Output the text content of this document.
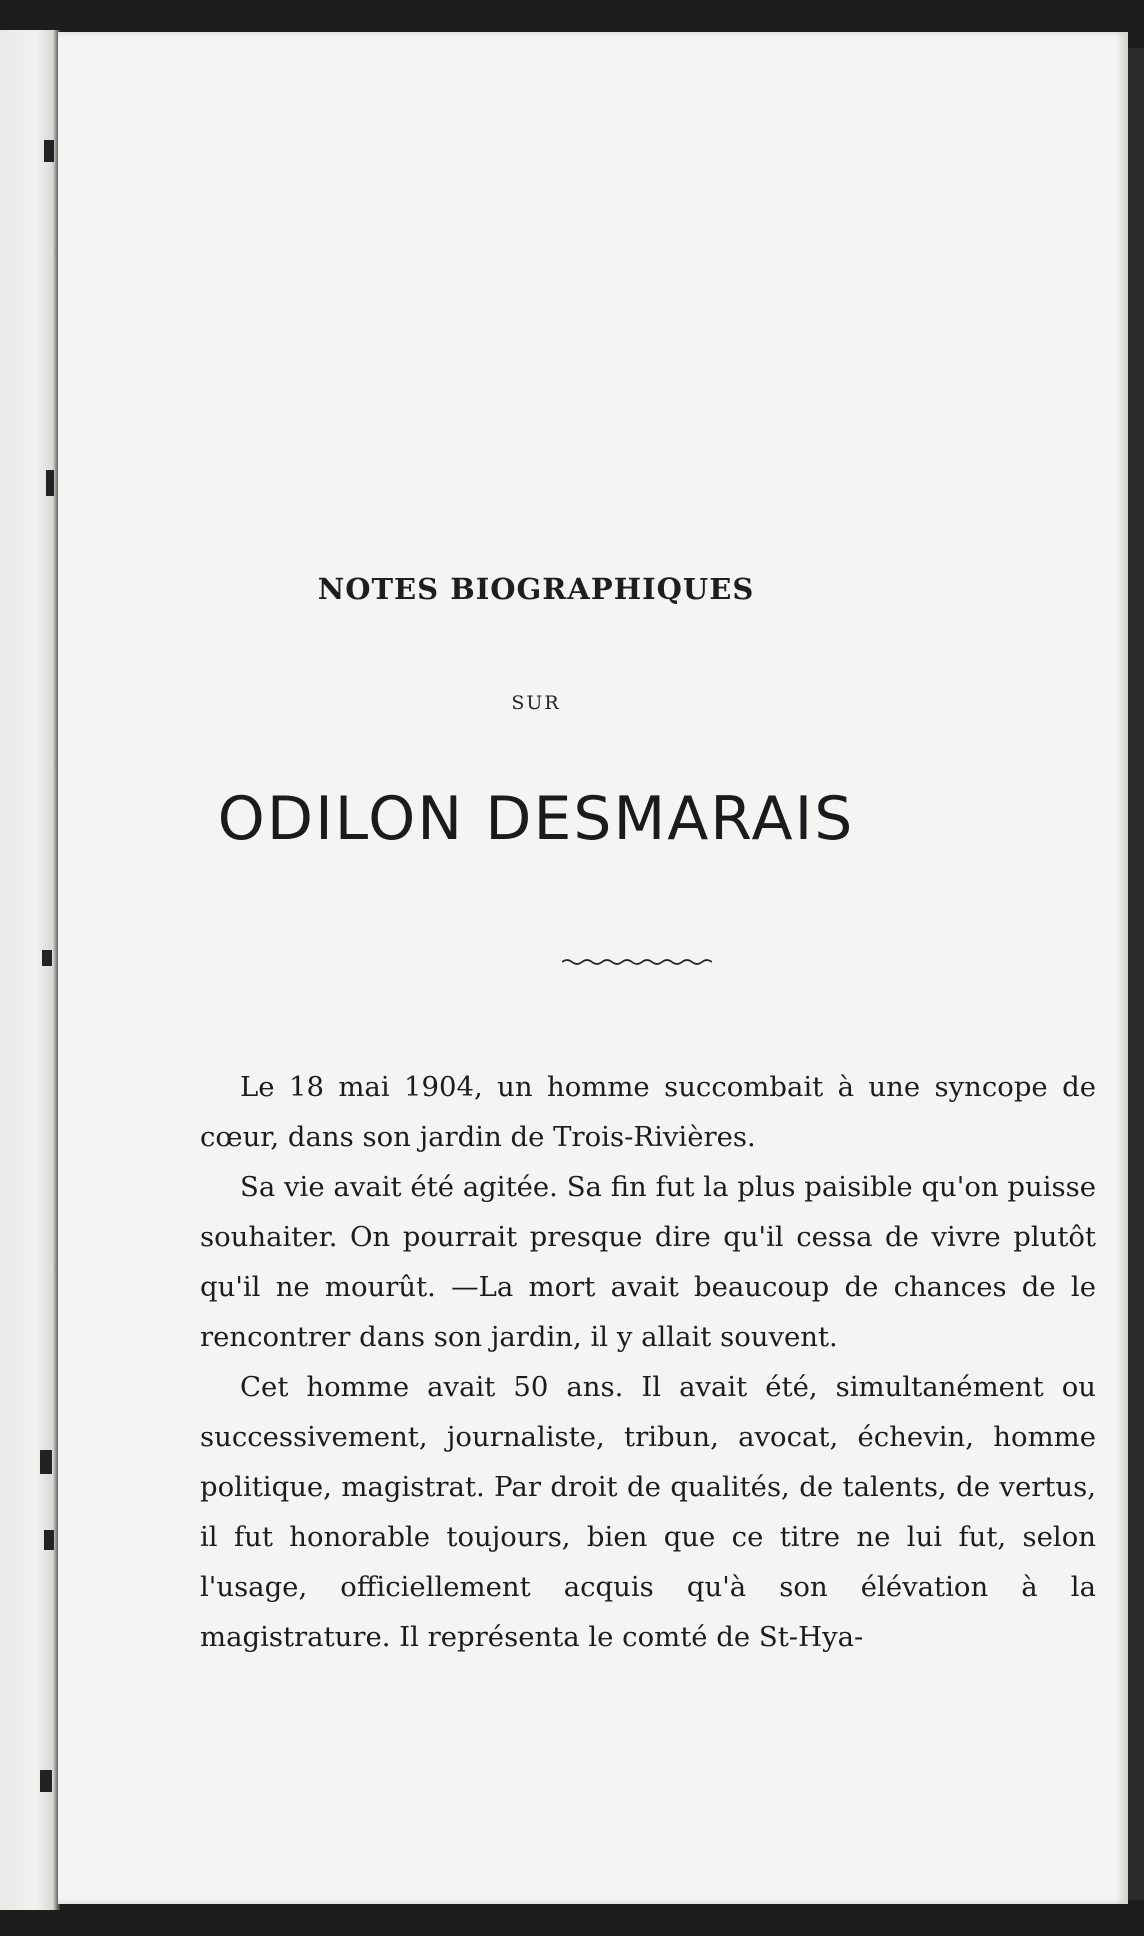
NOTES BIOGRAPHIQUES
SUR
ODILON DESMARAIS

Le 18 mai 1904, un homme succombait à une syncope de cœur, dans son jardin de Trois-Rivières.

Sa vie avait été agitée. Sa fin fut la plus paisible qu'on puisse souhaiter. On pourrait presque dire qu'il cessa de vivre plutôt qu'il ne mourût. —La mort avait beaucoup de chances de le rencontrer dans son jardin, il y allait souvent.

Cet homme avait 50 ans. Il avait été, simultanément ou successivement, journaliste, tribun, avocat, échevin, homme politique, magistrat. Par droit de qualités, de talents, de vertus, il fut honorable toujours, bien que ce titre ne lui fut, selon l'usage, officiellement acquis qu'à son élévation à la magistrature. Il représenta le comté de St-Hya-
